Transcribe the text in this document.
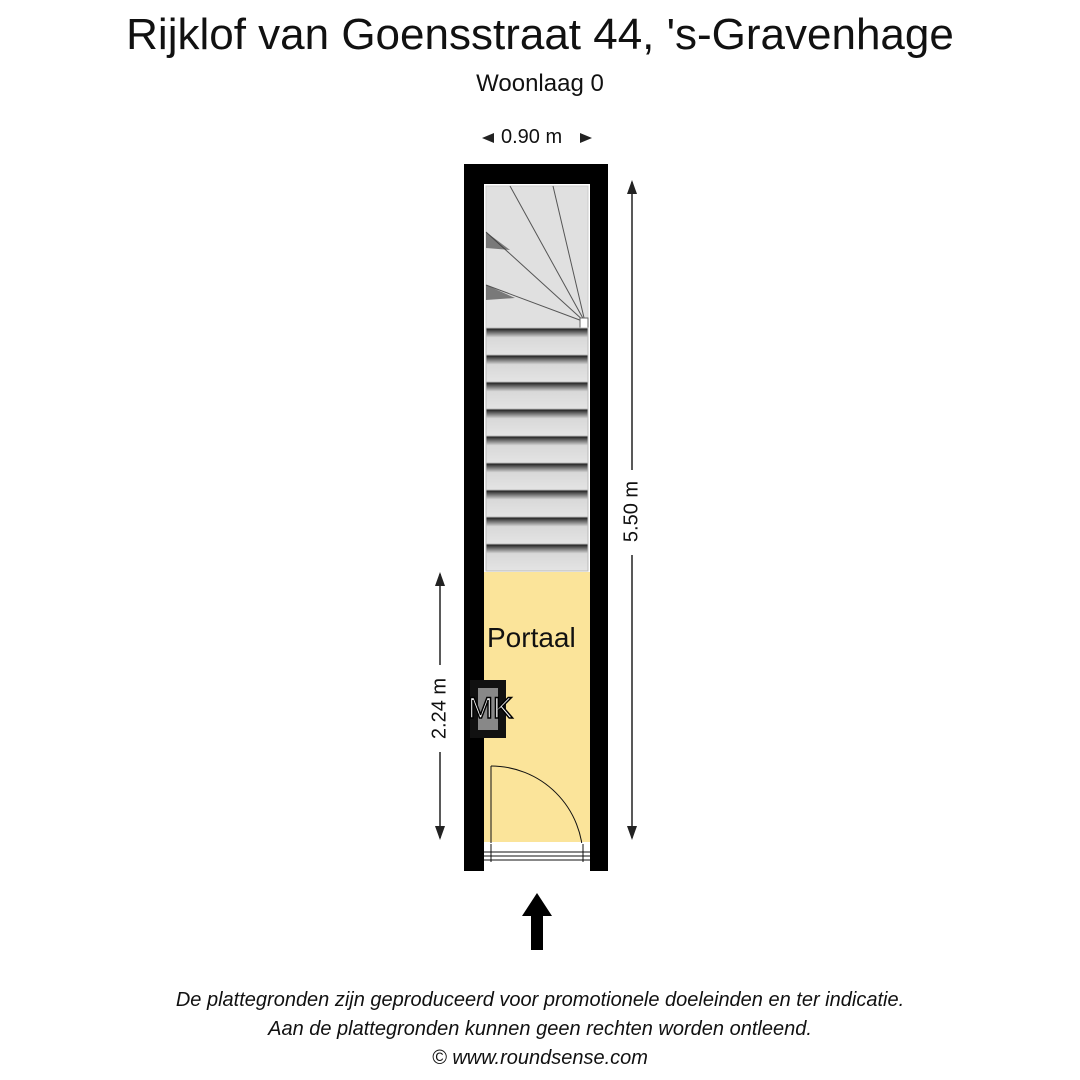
Rijklof van Goensstraat 44, 's-Gravenhage
Woonlaag 0
0.90 m
5.50 m
2.24 m
Portaal
MK
De plattegronden zijn geproduceerd voor promotionele doeleinden en ter indicatie.
Aan de plattegronden kunnen geen rechten worden ontleend.
© www.roundsense.com
